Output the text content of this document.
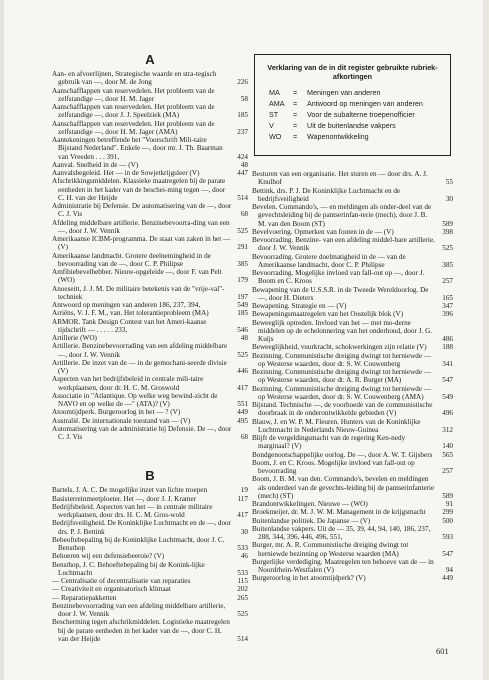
A
Aan- en afvoerlijnen, Strategische waarde en stra-tegisch gebruik van —, door M. de Jong	226
Aanschafflappen van reservedelen. Het probleem van de zelfstandige —, door H. M. Jager	58
Aanschafflappen van reservedelen. Het probleem van de zelfstandige —, door J. J. Speelziek (MA)	185
Aanschafflappen van reservedelen. Het probleem van de zelfstandige —, door H. M. Jager (AMA)	237
Aantekeningen betreffende het "Voorschrift Mili-taire Bijstand Nederland". Enkele —, door mr. J. Th. Baarman van Vreeden . . . 391,	424
Aanval. Snelheid in de — (V)	48
Aanvalsbegeleid. Het — in de Sowjetkrijgsleer (V)	447
Afschrikkingsmiddelen. Klassieke maatregelen bij de parate eenheden in het kader van de beschei-ming tegen —, door C. H. van der Heijde	514
Administratie bij Defensie. De automatisering van de —, door C. J. Vis	68
Afdeling middelbare artillerie. Benzinebevoorra-ding van een —, door J. W. Vennik	525
Amerikaanse ICBM-programma. De staat van zaken in het — (V)	291
Amerikaanse landmacht. Grotere deelnemingheid in de bevoorrading van de —, door C. P. Philipse	385
Amfibiebevelhebber. Nieuw-opgeleide —, door F. van Pelt (WO)	179
Anoeseitt, J. J. M. De militaire betekenis van de "vrije-val"-techniek	197
Antwoord op meningen van anderen 186, 237, 394,	549
Arriëns, V. J. F. M., van. Het tolerantieprobleem (MA)	185
ARMOR. Tank Design Contest van het Ameri-kaanse tijdschrift — . . . . . 233,	546
Artillerie (WO)	48
Artillerie. Benzinebevoorrading van een afdeling middelbare —, door J. W. Vennik	525
Artillerie. De inzet van de — in de gemochani-seerde divisie (V)	446
Aspecten van het bedrijfsbeleid in centrale mili-taire werkplaatsen, door dr. H. C. M. Groswold	417
Associatie in "Atlantique. Op welke weg bewind-zicht de NAVO en op welke de —" (ATA)? (V)	551
Atoomtijdperk. Burgeroorlog in het — ? (V)	449
Australië. De internationale toestand van — (V)	495
Automatisering van de administratie bij Defensie. De —, door C. J. Vis	68
B
Bartels, J. A. C. De mogelijke inzet van lichte troepen	19
Basisterreinmeetploeter. Het —, door J. J. Kramer	117
Bedrijfsbeleid. Aspecten van het — in centrale militaire werkplaatsen, door drs. H. C. M. Gros-wold	417
Bedrijfsveiligheid. De Koninklijke Luchtmacht en de —, door drs. P. J. Bettink	30
Bebeoftebepaling bij de Koninklijke Luchtmacht, door J. C. Bensthop	533
Behoeren wij een defensiebeeroie? (V)	46
Bensthop, J. C. Behoeftebepaling bij de Konink-lijke Luchtmacht	533
— Centralisatie of decentralisatie van reparaties	115
— Creativiteit en organisatorisch klimaat	202
— Reparatiepakketten	265
Benzinebevoorrading van een afdeling middelbare artillerie, door J. W. Vennik	525
Bescherming tegen afschrikmiddelen. Logistieke maatregelen bij de parate eenheden in het kader van de —, door C. H. van der Heijde	514
Verklaring van de in dit register gebruikte rubriek-afkortingen
MA	=	Meningen van anderen
AMA	=	Antwoord op meningen van anderen
ST	=	Voor de subalterne troepenofficier
V	=	Uit de buitenlandse vakpers
WO	=	Wapenontwikkeling
Besturen van een organisatie. Het sturen en — door drs. A. J. Knulhof	55
Bettink, drs. P. J. De Koninklijke Luchtmacht en de bedrijfsveiligheid	30
Bevelen. Commando's, — en meldingen als onder-deel van de gevechtsleiding bij de pantserinfan-terie (mech), door J. B. M. van den Boom (ST)	589
Bevelvoering. Opmerken van fouten in de — (V)	398
Bevoorrading. Benzine- van een afdeling middel-bare artillerie, door J. W. Vennik	525
Bevoorrading. Grotere doelmatigheid in de — van de Amerikaanse landmacht, door C. P. Philipse	385
Bevoorrading. Mogelijke invloed van fall-out op —, door J. Boom en C. Kroos	257
Bewapening van de U.S.S.R. in de Tweede Wereldoorlog. De —, door H. Dieters	165
Bewapening. Strategie en — (V)	347
Bewapeningsmaatregelen van het Oostelijk blok (V)	396
Beweeglijk optreden. Invloed van het — met mo-derne middelen op de echelonnering van het onderhoud, door J. G. Kuijs	486
Beweeglijkheid, vuurkracht, schokwerkingen zijn relatie (V) 188
Bezinning. Communistische dreiging dwingt tot herniewde — op Westerse waarden, door dr. S. W. Couwenberg	341
Bezinning. Communistische dreiging dwingt tot herniewde — op Westerse waarden, door dr. A. R. Burger (MA)	547
Bezinning. Communistische dreiging dwingt tot herniewde — op Westerse waarden, door dr. S. W. Couwenberg (AMA)	549
Bijstand. Technische —, de voorhoede van de communistische doorbraak in de onderontwikkelde gebieden (V)	496
Blauw, J. en W. P. M. Fleuren. Hunters van de Koninklijke Luchtmacht in Nederlands Nieuw-Guinea	312
Blijft de vergeldingsmacht van de regering Ken-nedy marginaal? (V)	140
Bondgenootschappelijke oorlog. De —, door A. W. T. Gijsbers 565
Boom, J. en C. Kroos. Mogelijke invloed van fall-out op bevoorrading	257
Boom, J. B. M. van den. Commando's, bevelen en meldingen als onderdeel van de gevechts-leiding bij de pantserinfanterie (mech) (ST)	589
Brandontwikkelingen. Nieuwe — (WO)	91
Broekmeijer, dr. M. J. W. M. Management in de krijgsmacht 299
Buitenlandse politiek. De Japanse — (V)	500
Buitenlandse vakpers. Uit de — 35, 39, 44, 94, 140, 186, 237, 288, 344, 396, 446, 496, 551,	593
Burger, mr. A. R. Communistische dreiging dwingt tot herniewde bezinning op Westerse waarden (MA)	547
Burgerlijke verdediging. Maatregelen ten behoeve van de — in Noordrhein-Westfalen (V)	94
Burgeroorlog in het atoomtijdperk? (V)	449
601
